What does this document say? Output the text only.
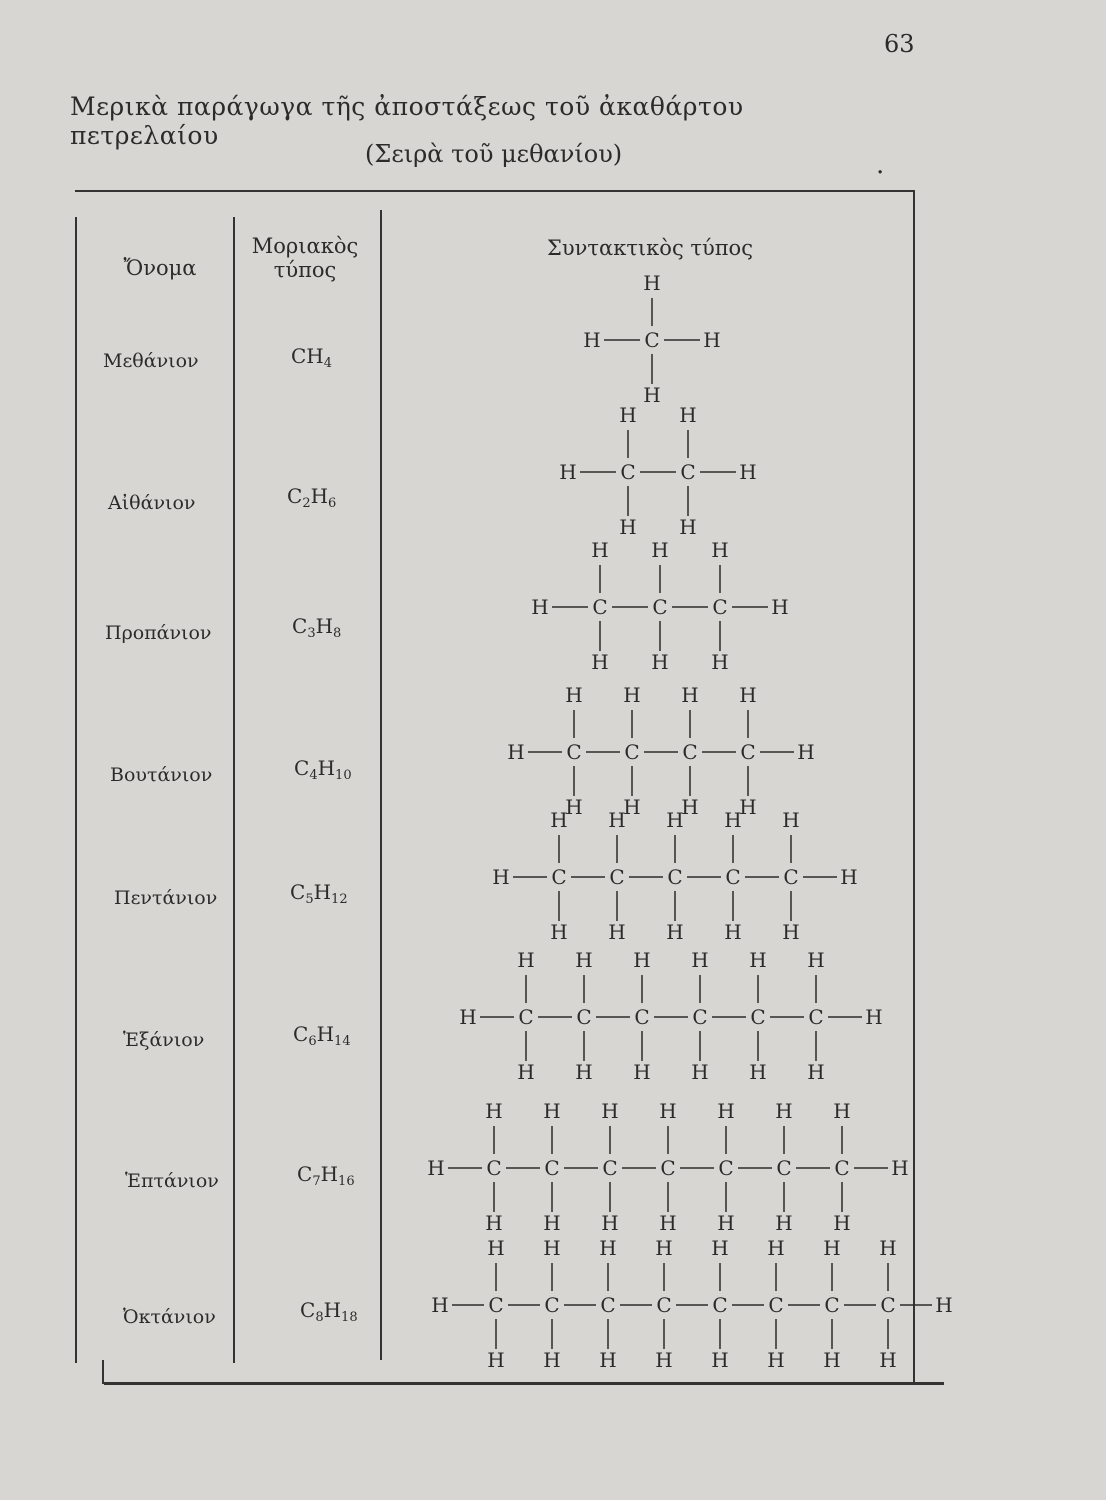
63
Μερικὰ παράγωγα τῆς ἀποστάξεως τοῦ ἀκαθάρτου πετρελαίου
(Σειρὰ τοῦ μεθανίου)	.
Ὄνομα
Μοριακὸς
τύπος
Συντακτικὸς τύπος
Μεθάνιον
Αἰθάνιον
Προπάνιον
Βουτάνιον
Πεντάνιον
Ἑξάνιον
Ἑπτάνιον
Ὀκτάνιον
$CH_4$
$C_2H_6$
$C_3H_8$
$C_4H_{10}$
$C_5H_{12}$
$C_6H_{14}$
$C_7H_{16}$
$C_8H_{18}$
H C
H
H
H
H C
H
H
C
H
H
H
H C
H
H
C
H
H
C
H
H
H
H C
H
H
C
H
H
C
H
H
C
H
H
H
H C
H
H
C
H
H
C
H
H
C
H
H
C
H
H
H
H C
H
H
C
H
H
C
H
H
C
H
H
C
H
H
C
H
H
H
H C
H
H
C
H
H
C
H
H
C
H
H
C
H
H
C
H
H
C
H
H
H
H C
H
H
C
H
H
C
H
H
C
H
H
C
H
H
C
H
H
C
H
H
C
H
H
H
